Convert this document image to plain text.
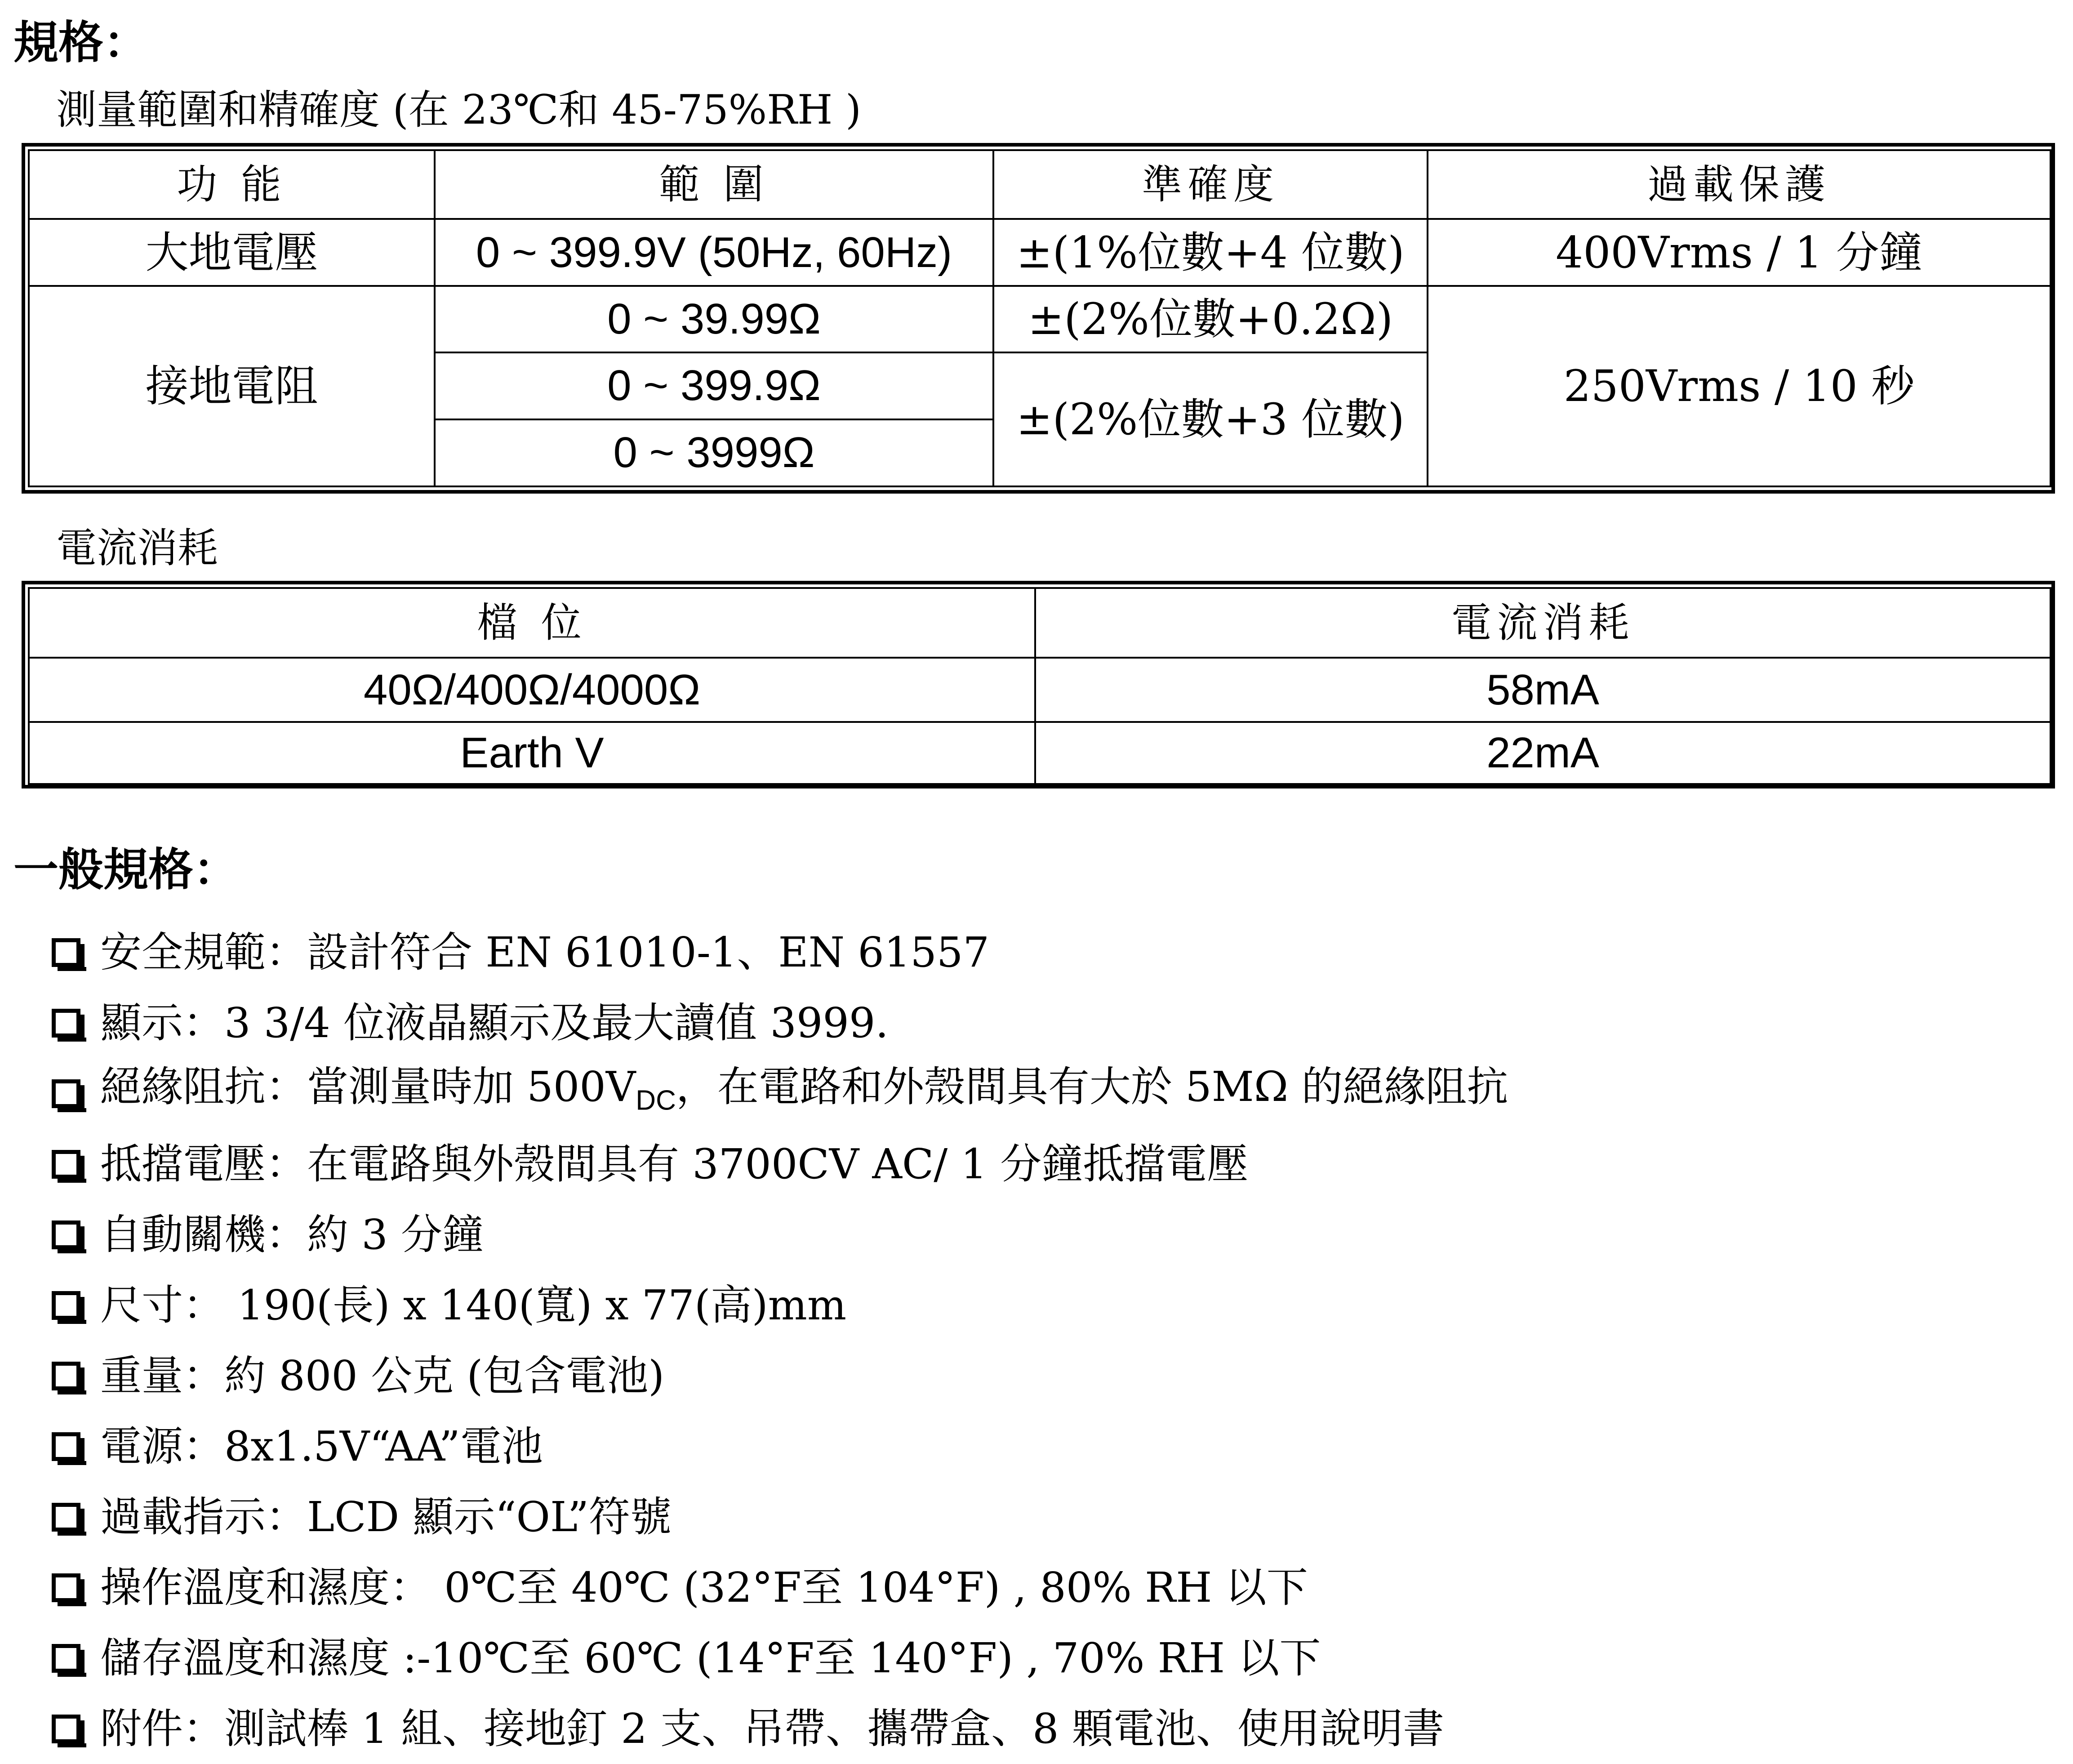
規格：
測量範圍和精確度 (在 23℃和 45-75%RH )
功 能	範 圍	準確度	過載保護
大地電壓	0 ~ 399.9V (50Hz, 60Hz)	±(1%位數+4 位數)	400Vrms / 1 分鐘
接地電阻	0 ~ 39.99Ω	±(2%位數+0.2Ω)	250Vrms / 10 秒
	0 ~ 399.9Ω	±(2%位數+3 位數)	
	0 ~ 3999Ω		
電流消耗
檔 位	電流消耗
40Ω/400Ω/4000Ω	58mA
Earth V	22mA
一般規格：
安全規範：設計符合 EN 61010-1、EN 61557
顯示：3 3/4 位液晶顯示及最大讀值 3999.
絕緣阻抗：當測量時加 $500V_{DC}$，在電路和外殼間具有大於 5MΩ 的絕緣阻抗
抵擋電壓：在電路與外殼間具有 3700CV AC/ 1 分鐘抵擋電壓
自動關機：約 3 分鐘
尺寸： 190(長) x 140(寬) x 77(高)mm
重量：約 800 公克 (包含電池)
電源：8x1.5V“AA”電池
過載指示：LCD 顯示“OL”符號
操作溫度和濕度： 0℃至 40℃ (32°F至 104°F) , 80% RH 以下
儲存溫度和濕度 :-10℃至 60℃ (14°F至 140°F) , 70% RH 以下
附件：測試棒 1 組、接地釘 2 支、吊帶、攜帶盒、8 顆電池、使用說明書
